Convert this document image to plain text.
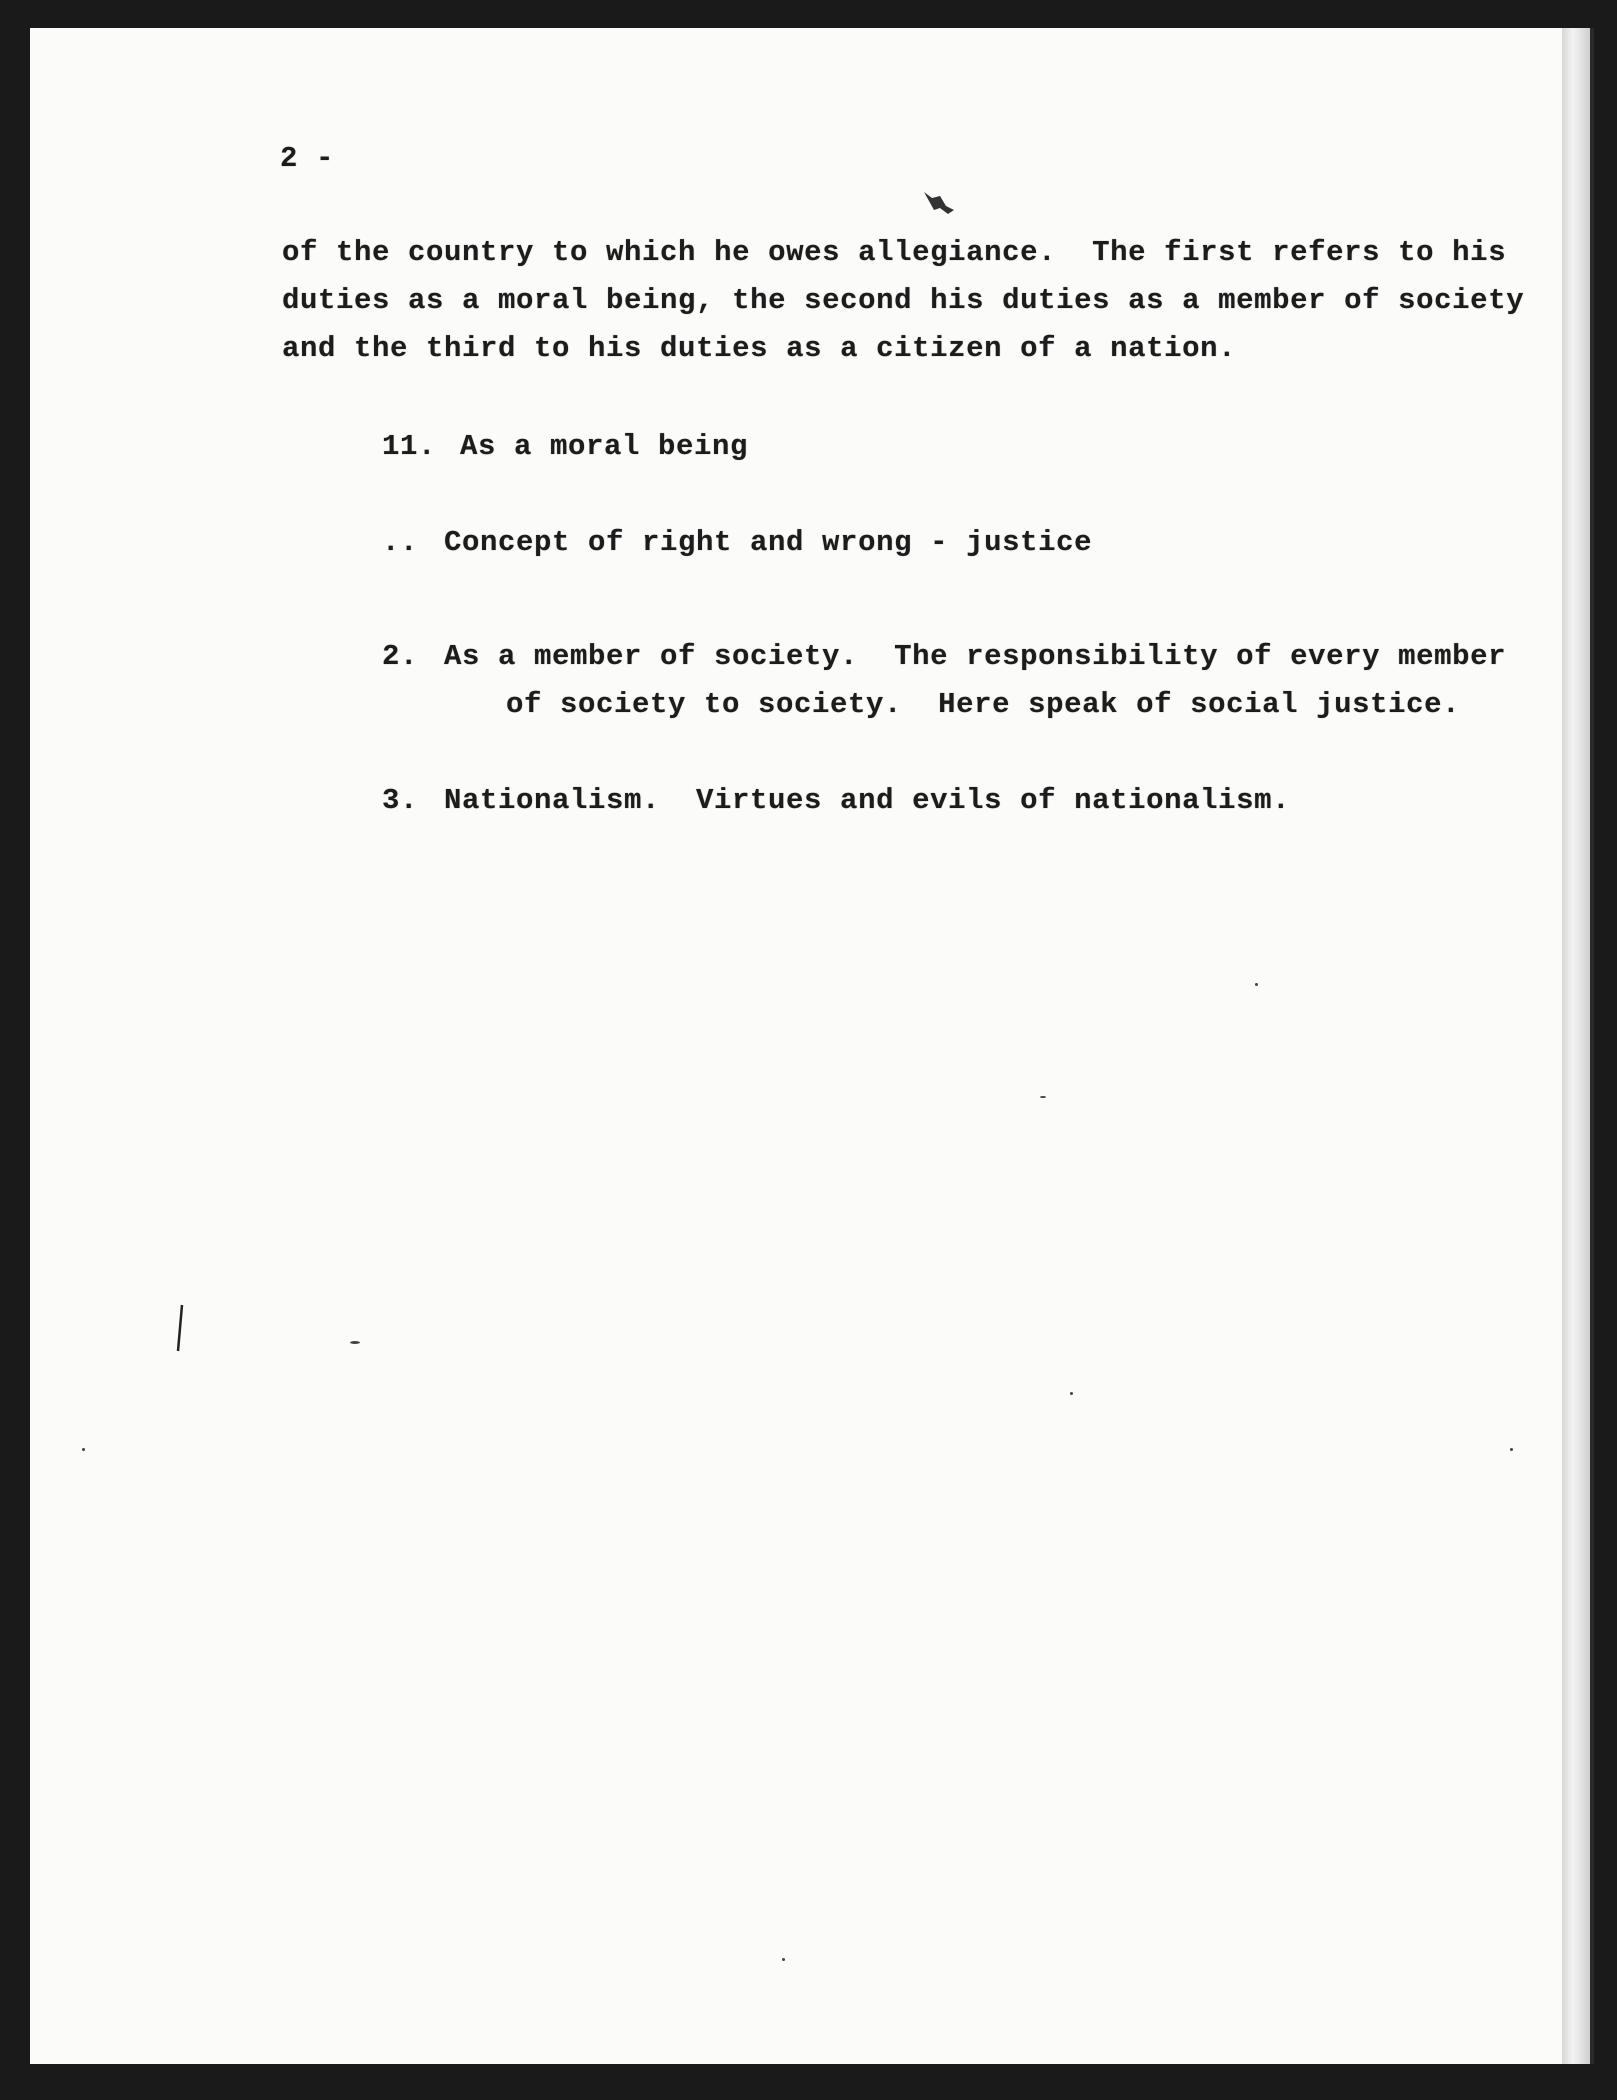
2 -
of the country to which he owes allegiance.  The first refers to his
duties as a moral being, the second his duties as a member of society
and the third to his duties as a citizen of a nation.
11. As a moral being
.. Concept of right and wrong - justice
2. As a member of society.  The responsibility of every member
of society to society.  Here speak of social justice.
3. Nationalism.  Virtues and evils of nationalism.
